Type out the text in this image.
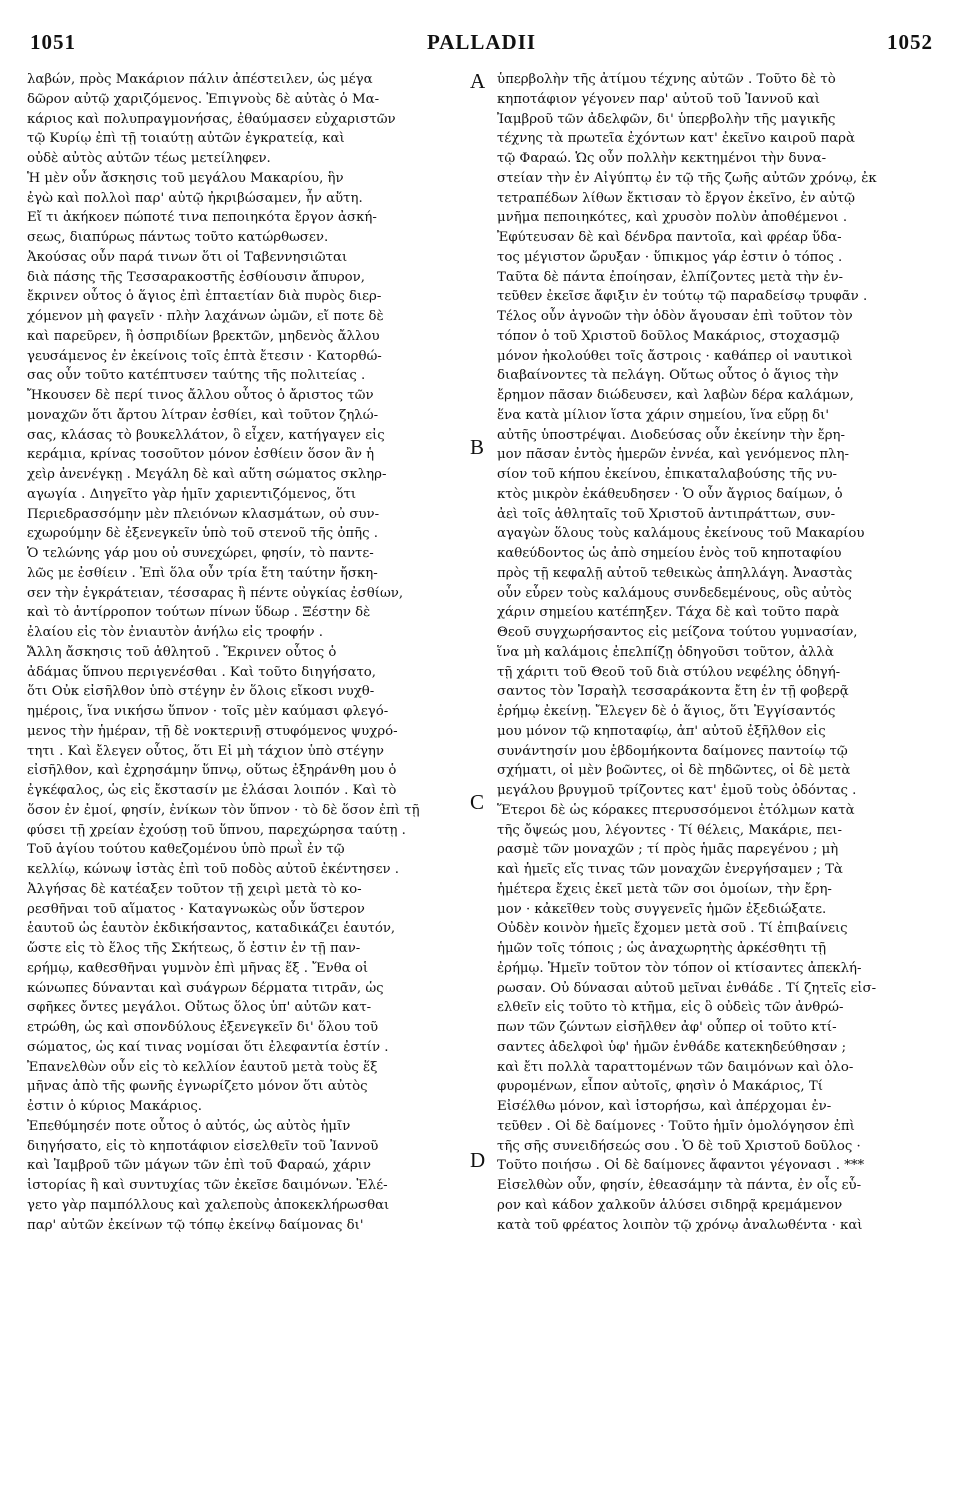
1051	PALLADII	1052
A
B
C
D
λαβών, πρὸς Μακάριον πάλιν ἀπέστειλεν, ὡς μέγα
δῶρον αὐτῷ χαριζόμενος. Ἐπιγνοὺς δὲ αὐτὰς ὁ Μα-
κάριος καὶ πολυπραγμονήσας, ἐθαύμασεν εὐχαριστῶν
τῷ Κυρίῳ ἐπὶ τῇ τοιαύτῃ αὐτῶν ἐγκρατείᾳ, καὶ
οὐδὲ αὐτὸς αὐτῶν τέως μετείληφεν.
Ἡ μὲν οὖν ἄσκησις τοῦ μεγάλου Μακαρίου, ἣν
ἐγὼ καὶ πολλοὶ παρ' αὐτῷ ἠκριβώσαμεν, ἦν αὕτη.
Εἴ τι ἀκήκοεν πώποτέ τινα πεποιηκότα ἔργον ἀσκή-
σεως, διαπύρως πάντως τοῦτο κατώρθωσεν.
Ἀκούσας οὖν παρά τινων ὅτι οἱ Ταβεννησιῶται
διὰ πάσης τῆς Τεσσαρακοστῆς ἐσθίουσιν ἄπυρον,
ἔκρινεν οὗτος ὁ ἅγιος ἐπὶ ἑπταετίαν διὰ πυρὸς διερ-
χόμενον μὴ φαγεῖν · πλὴν λαχάνων ὠμῶν, εἴ ποτε δὲ
καὶ παρεῦρεν, ἢ ὀσπριδίων βρεκτῶν, μηδενὸς ἄλλου
γευσάμενος ἐν ἐκείνοις τοῖς ἑπτὰ ἔτεσιν · Κατορθώ-
σας οὖν τοῦτο κατέπτυσεν ταύτης τῆς πολιτείας .
Ἤκουσεν δὲ περί τινος ἄλλου οὗτος ὁ ἄριστος τῶν
μοναχῶν ὅτι ἄρτου λίτραν ἐσθίει, καὶ τοῦτον ζηλώ-
σας, κλάσας τὸ βουκελλάτον, ὃ εἶχεν, κατήγαγεν εἰς
κεράμια, κρίνας τοσοῦτον μόνον ἐσθίειν ὅσον ἂν ἡ
χεὶρ ἀνενέγκῃ . Μεγάλη δὲ καὶ αὕτη σώματος σκληρ-
αγωγία . Διηγεῖτο γὰρ ἡμῖν χαριεντιζόμενος, ὅτι
Περιεδρασσόμην μὲν πλειόνων κλασμάτων, οὐ συν-
εχωρούμην δὲ ἐξενεγκεῖν ὑπὸ τοῦ στενοῦ τῆς ὀπῆς .
Ὁ τελώνης γάρ μου οὐ συνεχώρει, φησίν, τὸ παντε-
λῶς με ἐσθίειν . Ἐπὶ ὅλα οὖν τρία ἔτη ταύτην ἤσκη-
σεν τὴν ἐγκράτειαν, τέσσαρας ἢ πέντε οὐγκίας ἐσθίων,
καὶ τὸ ἀντίρροπον τούτων πίνων ὕδωρ . Ξέστην δὲ
ἐλαίου εἰς τὸν ἐνιαυτὸν ἀνήλω εἰς τροφήν .
Ἄλλη ἄσκησις τοῦ ἀθλητοῦ . Ἔκρινεν οὗτος ὁ
ἀδάμας ὕπνου περιγενέσθαι . Καὶ τοῦτο διηγήσατο,
ὅτι Οὐκ εἰσῆλθον ὑπὸ στέγην ἐν ὅλοις εἴκοσι νυχθ-
ημέροις, ἵνα νικήσω ὕπνον · τοῖς μὲν καύμασι φλεγό-
μενος τὴν ἡμέραν, τῇ δὲ νοκτερινῇ στυφόμενος ψυχρό-
τητι . Καὶ ἔλεγεν οὗτος, ὅτι Εἰ μὴ τάχιον ὑπὸ στέγην
εἰσῆλθον, καὶ ἐχρησάμην ὕπνῳ, οὕτως ἐξηράνθη μου ὁ
ἐγκέφαλος, ὡς εἰς ἔκστασίν με ἐλάσαι λοιπόν . Καὶ τὸ
ὅσον ἐν ἐμοί, φησίν, ἐνίκων τὸν ὕπνον · τὸ δὲ ὅσον ἐπὶ τῇ
φύσει τῇ χρείαν ἐχούσῃ τοῦ ὕπνου, παρεχώρησα ταύτῃ .
Τοῦ ἁγίου τούτου καθεζομένου ὑπὸ πρωῒ ἐν τῷ
κελλίῳ, κώνωψ ἱστὰς ἐπὶ τοῦ ποδὸς αὐτοῦ ἐκέντησεν .
Ἀλγήσας δὲ κατέαξεν τοῦτον τῇ χειρὶ μετὰ τὸ κο-
ρεσθῆναι τοῦ αἵματος · Καταγνωκὼς οὖν ὕστερον
ἑαυτοῦ ὡς ἑαυτὸν ἐκδικήσαντος, καταδικάζει ἑαυτόν,
ὥστε εἰς τὸ ἕλος τῆς Σκήτεως, ὅ ἐστιν ἐν τῇ παν-
ερήμῳ, καθεσθῆναι γυμνὸν ἐπὶ μῆνας ἕξ . Ἔνθα οἱ
κώνωπες δύνανται καὶ συάγρων δέρματα τιτρᾶν, ὡς
σφῆκες ὄντες μεγάλοι. Οὕτως ὅλος ὑπ' αὐτῶν κατ-
ετρώθη, ὡς καὶ σπονδύλους ἐξενεγκεῖν δι' ὅλου τοῦ
σώματος, ὡς καί τινας νομίσαι ὅτι ἐλεφαντία ἐστίν .
Ἐπανελθὼν οὖν εἰς τὸ κελλίον ἑαυτοῦ μετὰ τοὺς ἕξ
μῆνας ἀπὸ τῆς φωνῆς ἐγνωρίζετο μόνον ὅτι αὐτὸς
ἐστιν ὁ κύριος Μακάριος.
Ἐπεθύμησέν ποτε οὗτος ὁ αὐτός, ὡς αὐτὸς ἡμῖν
διηγήσατο, εἰς τὸ κηποτάφιον εἰσελθεῖν τοῦ Ἰαννοῦ
καὶ Ἰαμβροῦ τῶν μάγων τῶν ἐπὶ τοῦ Φαραώ, χάριν
ἱστορίας ἢ καὶ συντυχίας τῶν ἐκεῖσε δαιμόνων. Ἐλέ-
γετο γὰρ παμπόλλους καὶ χαλεποὺς ἀποκεκλήρωσθαι
παρ' αὐτῶν ἐκείνων τῷ τόπῳ ἐκείνῳ δαίμονας δι'
ὑπερβολὴν τῆς ἀτίμου τέχνης αὐτῶν . Τοῦτο δὲ τὸ
κηποτάφιον γέγονεν παρ' αὐτοῦ τοῦ Ἰαννοῦ καὶ
Ἰαμβροῦ τῶν ἀδελφῶν, δι' ὑπερβολὴν τῆς μαγικῆς
τέχνης τὰ πρωτεῖα ἐχόντων κατ' ἐκεῖνο καιροῦ παρὰ
τῷ Φαραώ. Ὡς οὖν πολλὴν κεκτημένοι τὴν δυνα-
στείαν τὴν ἐν Αἰγύπτῳ ἐν τῷ τῆς ζωῆς αὐτῶν χρόνῳ, ἐκ
τετραπέδων λίθων ἔκτισαν τὸ ἔργον ἐκεῖνο, ἐν αὐτῷ
μνῆμα πεποιηκότες, καὶ χρυσὸν πολὺν ἀποθέμενοι .
Ἐφύτευσαν δὲ καὶ δένδρα παντοῖα, καὶ φρέαρ ὕδα-
τος μέγιστον ὤρυξαν · ὕπικμος γάρ ἐστιν ὁ τόπος .
Ταῦτα δὲ πάντα ἐποίησαν, ἐλπίζοντες μετὰ τὴν ἐν-
τεῦθεν ἐκεῖσε ἄφιξιν ἐν τούτῳ τῷ παραδείσῳ τρυφᾶν .
Τέλος οὖν ἀγνοῶν τὴν ὁδὸν ἄγουσαν ἐπὶ τοῦτον τὸν
τόπον ὁ τοῦ Χριστοῦ δοῦλος Μακάριος, στοχασμῷ
μόνον ἠκολούθει τοῖς ἄστροις · καθάπερ οἱ ναυτικοὶ
διαβαίνοντες τὰ πελάγη. Οὕτως οὗτος ὁ ἅγιος τὴν
ἔρημον πᾶσαν διώδευσεν, καὶ λαβὼν δέρα καλάμων,
ἕνα κατὰ μίλιον ἵστα χάριν σημείου, ἵνα εὕρῃ δι'
αὐτῆς ὑποστρέψαι. Διοδεύσας οὖν ἐκείνην τὴν ἔρη-
μον πᾶσαν ἐντὸς ἡμερῶν ἐννέα, καὶ γενόμενος πλη-
σίον τοῦ κήπου ἐκείνου, ἐπικαταλαβούσης τῆς νυ-
κτὸς μικρὸν ἐκάθευδησεν · Ὁ οὖν ἄγριος δαίμων, ὁ
ἀεὶ τοῖς ἀθληταῖς τοῦ Χριστοῦ ἀντιπράττων, συν-
αγαγὼν ὅλους τοὺς καλάμους ἐκείνους τοῦ Μακαρίου
καθεύδοντος ὡς ἀπὸ σημείου ἑνὸς τοῦ κηποταφίου
πρὸς τῇ κεφαλῇ αὐτοῦ τεθεικὼς ἀπηλλάγη. Ἀναστὰς
οὖν εὗρεν τοὺς καλάμους συνδεδεμένους, οὓς αὐτὸς
χάριν σημείου κατέπηξεν. Τάχα δὲ καὶ τοῦτο παρὰ
Θεοῦ συγχωρήσαντος εἰς μείζονα τούτου γυμνασίαν,
ἵνα μὴ καλάμοις ἐπελπίζῃ ὁδηγοῦσι τοῦτον, ἀλλὰ
τῇ χάριτι τοῦ Θεοῦ τοῦ διὰ στύλου νεφέλης ὁδηγή-
σαντος τὸν Ἰσραὴλ τεσσαράκοντα ἔτη ἐν τῇ φοβερᾷ
ἐρήμῳ ἐκείνῃ. Ἔλεγεν δὲ ὁ ἅγιος, ὅτι Ἐγγίσαντός
μου μόνον τῷ κηποταφίῳ, ἀπ' αὐτοῦ ἐξῆλθον εἰς
συνάντησίν μου ἑβδομήκοντα δαίμονες παντοίῳ τῷ
σχήματι, οἱ μὲν βοῶντες, οἱ δὲ πηδῶντες, οἱ δὲ μετὰ
μεγάλου βρυγμοῦ τρίζοντες κατ' ἐμοῦ τοὺς ὀδόντας .
Ἕτεροι δὲ ὡς κόρακες πτερυσσόμενοι ἐτόλμων κατὰ
τῆς ὄψεώς μου, λέγοντες · Τί θέλεις, Μακάριε, πει-
ρασμὲ τῶν μοναχῶν ; τί πρὸς ἡμᾶς παρεγένου ; μὴ
καὶ ἡμεῖς εἴς τινας τῶν μοναχῶν ἐνεργήσαμεν ; Τὰ
ἡμέτερα ἔχεις ἐκεῖ μετὰ τῶν σοι ὁμοίων, τὴν ἔρη-
μον · κἀκεῖθεν τοὺς συγγενεῖς ἡμῶν ἐξεδιώξατε.
Οὐδὲν κοινὸν ἡμεῖς ἔχομεν μετὰ σοῦ . Τί ἐπιβαίνεις
ἡμῶν τοῖς τόποις ; ὡς ἀναχωρητὴς ἀρκέσθητι τῇ
ἐρήμῳ. Ἡμεῖν τοῦτον τὸν τόπον οἱ κτίσαντες ἀπεκλή-
ρωσαν. Οὐ δύνασαι αὐτοῦ μεῖναι ἐνθάδε . Τί ζητεῖς εἰσ-
ελθεῖν εἰς τοῦτο τὸ κτῆμα, εἰς ὃ οὐδεὶς τῶν ἀνθρώ-
πων τῶν ζώντων εἰσῆλθεν ἀφ' οὗπερ οἱ τοῦτο κτί-
σαντες ἀδελφοὶ ὑφ' ἡμῶν ἐνθάδε κατεκηδεύθησαν ;
καὶ ἔτι πολλὰ ταραττομένων τῶν δαιμόνων καὶ ὀλο-
φυρομένων, εἶπον αὐτοῖς, φησὶν ὁ Μακάριος, Τί
Εἰσέλθω μόνον, καὶ ἱστορήσω, καὶ ἀπέρχομαι ἐν-
τεῦθεν . Οἱ δὲ δαίμονες · Τοῦτο ἡμῖν ὁμολόγησον ἐπὶ
τῆς σῆς συνειδήσεώς σου . Ὁ δὲ τοῦ Χριστοῦ δοῦλος ·
Τοῦτο ποιήσω . Οἱ δὲ δαίμονες ἄφαντοι γέγονασι . ***
Εἰσελθὼν οὖν, φησίν, ἐθεασάμην τὰ πάντα, ἐν οἷς εὗ-
ρον καὶ κάδον χαλκοῦν ἁλύσει σιδηρᾷ κρεμάμενον
κατὰ τοῦ φρέατος λοιπὸν τῷ χρόνῳ ἀναλωθέντα · καὶ
